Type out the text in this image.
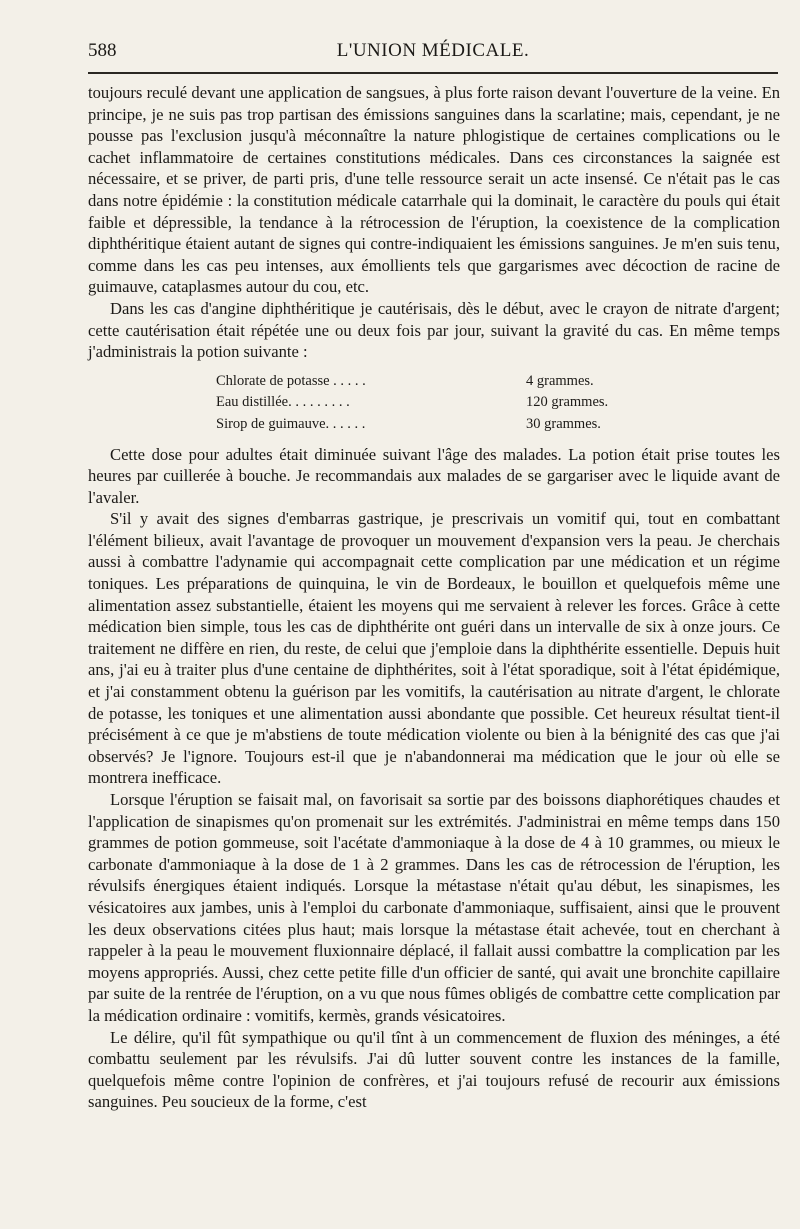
588	L'UNION MÉDICALE.

toujours reculé devant une application de sangsues, à plus forte raison devant l'ouverture de la veine. En principe, je ne suis pas trop partisan des émissions sanguines dans la scarlatine; mais, cependant, je ne pousse pas l'exclusion jusqu'à méconnaître la nature phlogistique de certaines complications ou le cachet inflammatoire de certaines constitutions médicales. Dans ces circonstances la saignée est nécessaire, et se priver, de parti pris, d'une telle ressource serait un acte insensé. Ce n'était pas le cas dans notre épidémie : la constitution médicale catarrhale qui la dominait, le caractère du pouls qui était faible et dépressible, la tendance à la rétrocession de l'éruption, la coexistence de la complication diphthéritique étaient autant de signes qui contre-indiquaient les émissions sanguines. Je m'en suis tenu, comme dans les cas peu intenses, aux émollients tels que gargarismes avec décoction de racine de guimauve, cataplasmes autour du cou, etc.

Dans les cas d'angine diphthéritique je cautérisais, dès le début, avec le crayon de nitrate d'argent; cette cautérisation était répétée une ou deux fois par jour, suivant la gravité du cas. En même temps j'administrais la potion suivante :

Chlorate de potasse . . . . .	4 grammes.
Eau distillée. . . . . . . . .	120 grammes.
Sirop de guimauve. . . . . .	30 grammes.

Cette dose pour adultes était diminuée suivant l'âge des malades. La potion était prise toutes les heures par cuillerée à bouche. Je recommandais aux malades de se gargariser avec le liquide avant de l'avaler.

S'il y avait des signes d'embarras gastrique, je prescrivais un vomitif qui, tout en combattant l'élément bilieux, avait l'avantage de provoquer un mouvement d'expansion vers la peau. Je cherchais aussi à combattre l'adynamie qui accompagnait cette complication par une médication et un régime toniques. Les préparations de quinquina, le vin de Bordeaux, le bouillon et quelquefois même une alimentation assez substantielle, étaient les moyens qui me servaient à relever les forces. Grâce à cette médication bien simple, tous les cas de diphthérite ont guéri dans un intervalle de six à onze jours. Ce traitement ne diffère en rien, du reste, de celui que j'emploie dans la diphthérite essentielle. Depuis huit ans, j'ai eu à traiter plus d'une centaine de diphthérites, soit à l'état sporadique, soit à l'état épidémique, et j'ai constamment obtenu la guérison par les vomitifs, la cautérisation au nitrate d'argent, le chlorate de potasse, les toniques et une alimentation aussi abondante que possible. Cet heureux résultat tient-il précisément à ce que je m'abstiens de toute médication violente ou bien à la bénignité des cas que j'ai observés? Je l'ignore. Toujours est-il que je n'abandonnerai ma médication que le jour où elle se montrera inefficace.

Lorsque l'éruption se faisait mal, on favorisait sa sortie par des boissons diaphorétiques chaudes et l'application de sinapismes qu'on promenait sur les extrémités. J'administrai en même temps dans 150 grammes de potion gommeuse, soit l'acétate d'ammoniaque à la dose de 4 à 10 grammes, ou mieux le carbonate d'ammoniaque à la dose de 1 à 2 grammes. Dans les cas de rétrocession de l'éruption, les révulsifs énergiques étaient indiqués. Lorsque la métastase n'était qu'au début, les sinapismes, les vésicatoires aux jambes, unis à l'emploi du carbonate d'ammoniaque, suffisaient, ainsi que le prouvent les deux observations citées plus haut; mais lorsque la métastase était achevée, tout en cherchant à rappeler à la peau le mouvement fluxionnaire déplacé, il fallait aussi combattre la complication par les moyens appropriés. Aussi, chez cette petite fille d'un officier de santé, qui avait une bronchite capillaire par suite de la rentrée de l'éruption, on a vu que nous fûmes obligés de combattre cette complication par la médication ordinaire : vomitifs, kermès, grands vésicatoires.

Le délire, qu'il fût sympathique ou qu'il tînt à un commencement de fluxion des méninges, a été combattu seulement par les révulsifs. J'ai dû lutter souvent contre les instances de la famille, quelquefois même contre l'opinion de confrères, et j'ai toujours refusé de recourir aux émissions sanguines. Peu soucieux de la forme, c'est
